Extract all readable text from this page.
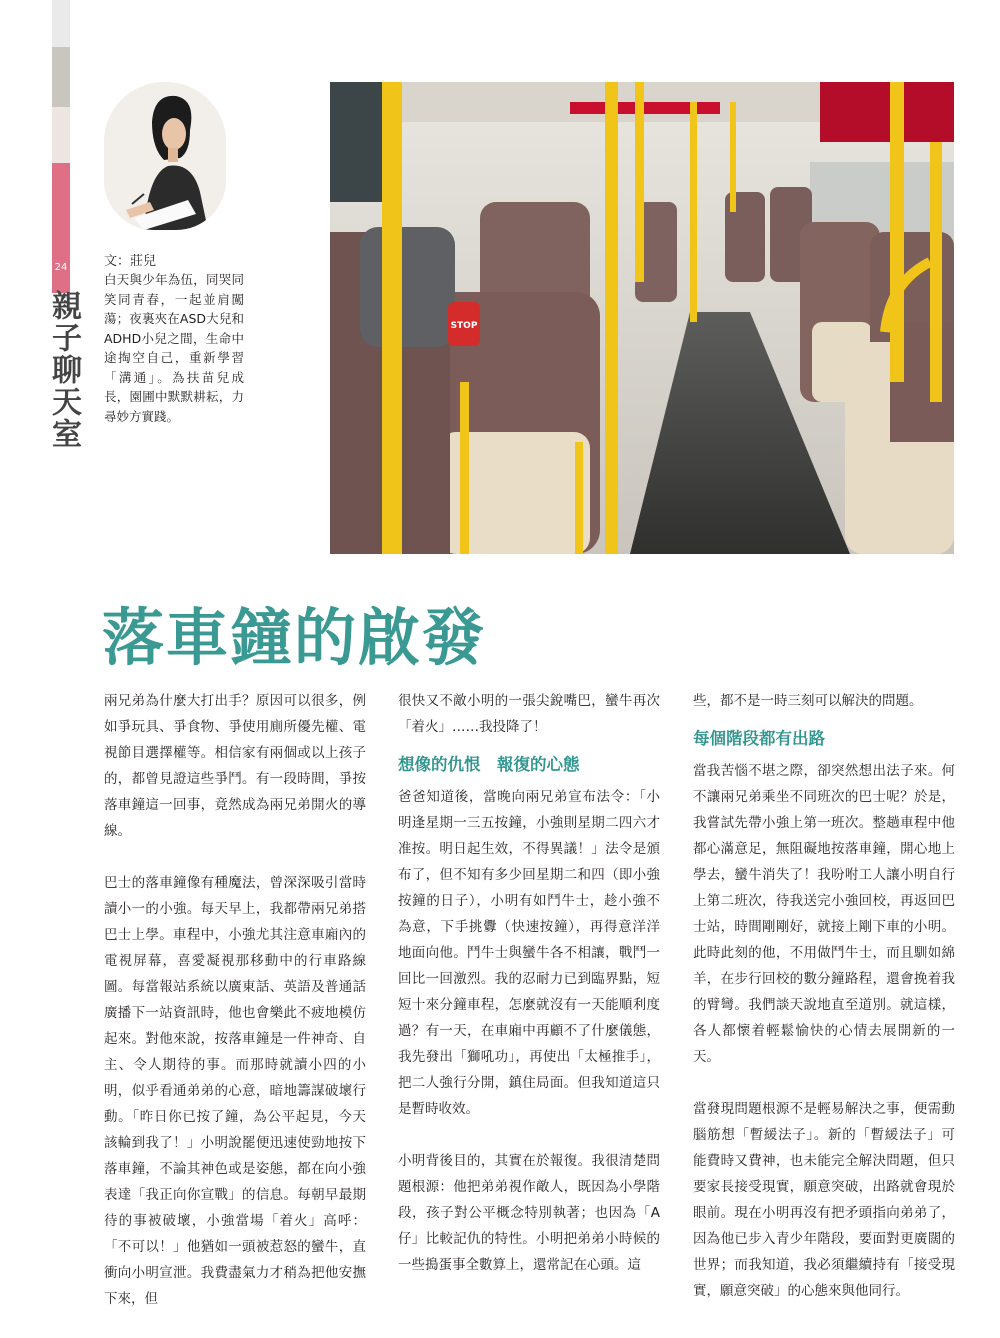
24
親子聊天室
文：莊兒
白天與少年為伍，同哭同笑同青春，一起並肩闖蕩；夜裏夾在ASD大兒和ADHD小兒之間，生命中途掏空自己，重新學習「溝通」。為扶苗兒成長，園圃中默默耕耘，力尋妙方實踐。
STOP
落車鐘的啟發

兩兄弟為什麼大打出手？原因可以很多，例如爭玩具、爭食物、爭使用廁所優先權、電視節目選擇權等。相信家有兩個或以上孩子的，都曾見證這些爭鬥。有一段時間，爭按落車鐘這一回事，竟然成為兩兄弟開火的導線。

巴士的落車鐘像有種魔法，曾深深吸引當時讀小一的小強。每天早上，我都帶兩兄弟搭巴士上學。車程中，小強尤其注意車廂內的電視屏幕，喜愛凝視那移動中的行車路線圖。每當報站系統以廣東話、英語及普通話廣播下一站資訊時，他也會樂此不疲地模仿起來。對他來說，按落車鐘是一件神奇、自主、令人期待的事。而那時就讀小四的小明，似乎看通弟弟的心意，暗地籌謀破壞行動。「昨日你已按了鐘，為公平起見，今天該輪到我了！」小明說罷便迅速使勁地按下落車鐘，不論其神色或是姿態，都在向小強表達「我正向你宣戰」的信息。每朝早最期待的事被破壞，小強當場「着火」高呼：「不可以！」他猶如一頭被惹怒的蠻牛，直衝向小明宣泄。我費盡氣力才稍為把他安撫下來，但

很快又不敵小明的一張尖銳嘴巴，蠻牛再次「着火」……我投降了！

想像的仇恨　報復的心態

爸爸知道後，當晚向兩兄弟宣布法令：「小明逢星期一三五按鐘，小強則星期二四六才准按。明日起生效，不得異議！」法令是頒布了，但不知有多少回星期二和四（即小強按鐘的日子），小明有如鬥牛士，趁小強不為意，下手挑釁（快速按鐘），再得意洋洋地面向他。鬥牛士與蠻牛各不相讓，戰鬥一回比一回激烈。我的忍耐力已到臨界點，短短十來分鐘車程，怎麼就沒有一天能順利度過？有一天，在車廂中再顧不了什麼儀態，我先發出「獅吼功」，再使出「太極推手」，把二人強行分開，鎮住局面。但我知道這只是暫時收效。

小明背後目的，其實在於報復。我很清楚問題根源：他把弟弟視作敵人，既因為小學階段，孩子對公平概念特別執著；也因為「A仔」比較記仇的特性。小明把弟弟小時候的一些搗蛋事全數算上，還常記在心頭。這

些，都不是一時三刻可以解決的問題。

每個階段都有出路

當我苦惱不堪之際，卻突然想出法子來。何不讓兩兄弟乘坐不同班次的巴士呢？於是，我嘗試先帶小強上第一班次。整趟車程中他都心滿意足，無阻礙地按落車鐘，開心地上學去，蠻牛消失了！我吩咐工人讓小明自行上第二班次，待我送完小強回校，再返回巴士站，時間剛剛好，就接上剛下車的小明。此時此刻的他，不用做鬥牛士，而且馴如綿羊，在步行回校的數分鐘路程，還會挽着我的臂彎。我們談天說地直至道別。就這樣，各人都懷着輕鬆愉快的心情去展開新的一天。

當發現問題根源不是輕易解決之事，便需動腦筋想「暫緩法子」。新的「暫緩法子」可能費時又費神，也未能完全解決問題，但只要家長接受現實，願意突破，出路就會現於眼前。現在小明再沒有把矛頭指向弟弟了，因為他已步入青少年階段，要面對更廣闊的世界；而我知道，我必須繼續持有「接受現實，願意突破」的心態來與他同行。
